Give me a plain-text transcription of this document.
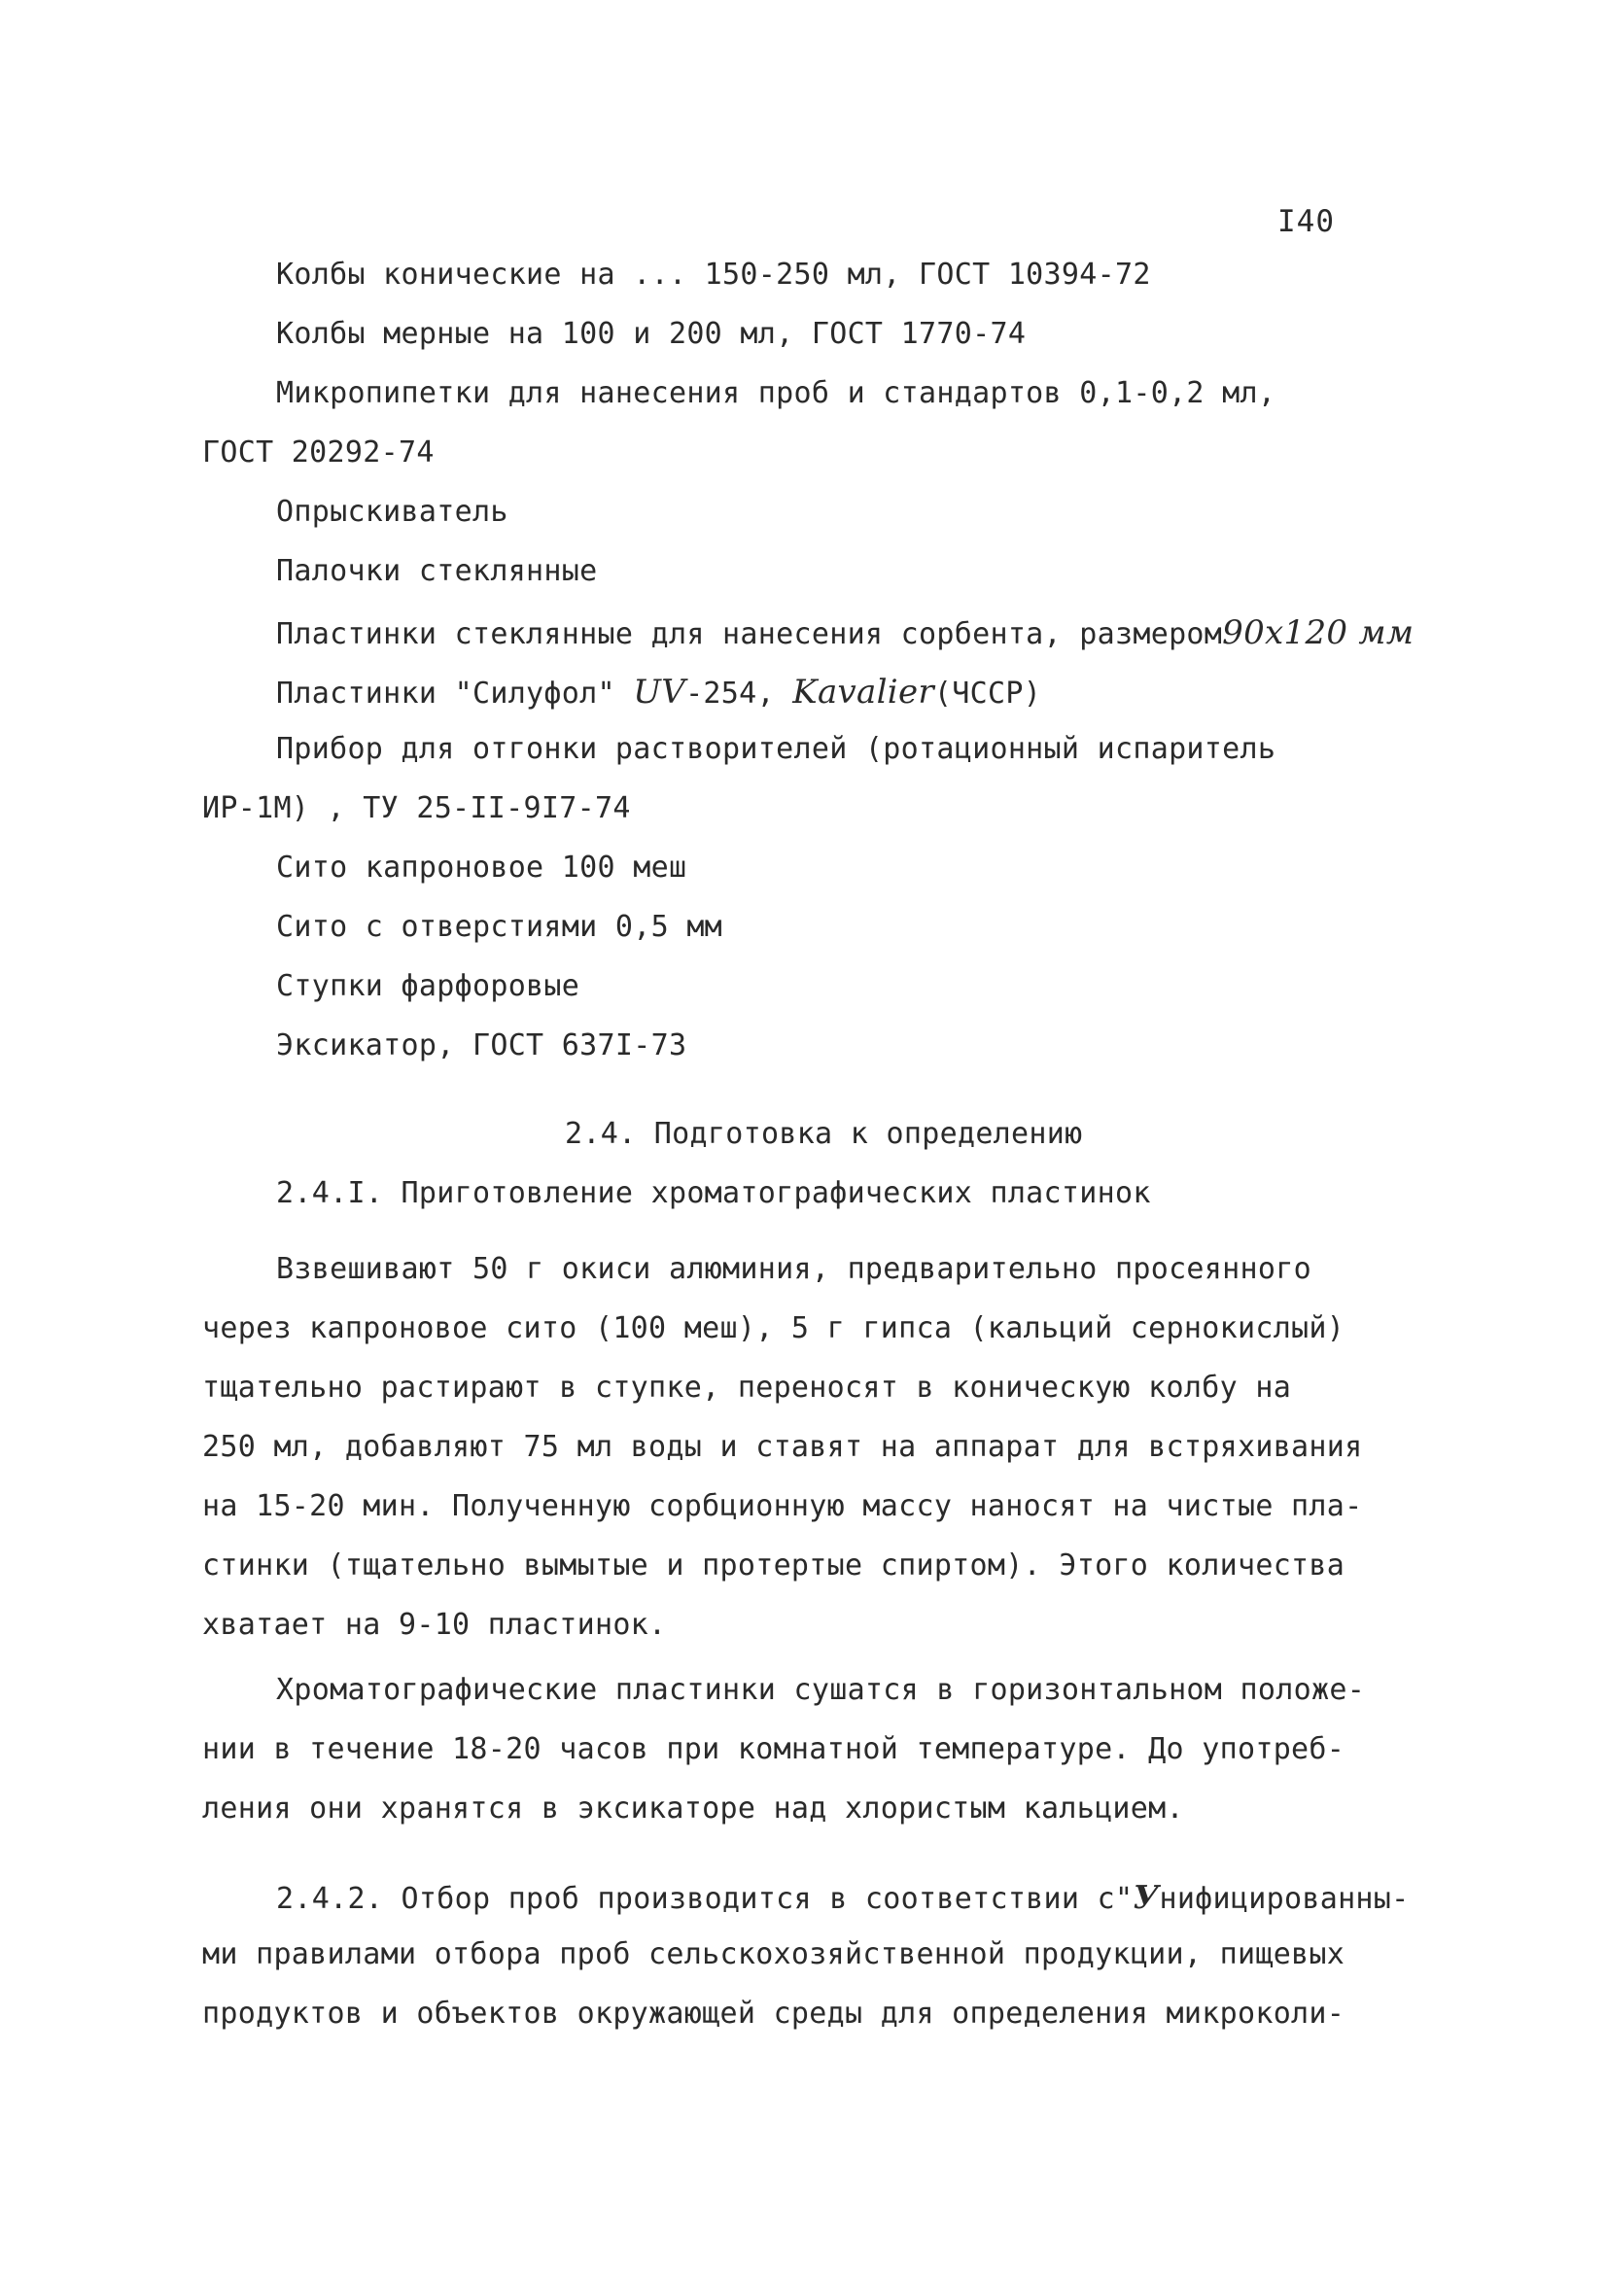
I40
Колбы конические на ... 150-250 мл, ГОСТ 10394-72
Колбы мерные на 100 и 200 мл, ГОСТ 1770-74
Микропипетки для нанесения проб и стандартов 0,1-0,2 мл,
ГОСТ 20292-74
Опрыскиватель
Палочки стеклянные
Пластинки стеклянные для нанесения сорбента, размером90х120 мм
Пластинки "Силуфол" UV-254, Kavalier(ЧССР)
Прибор для отгонки растворителей (ротационный испаритель
ИР-1М) , ТУ 25-II-9I7-74
Сито капроновое 100 меш
Сито с отверстиями 0,5 мм
Ступки фарфоровые
Эксикатор, ГОСТ 637I-73
2.4. Подготовка к определению
2.4.I. Приготовление хроматографических пластинок
Взвешивают 50 г окиси алюминия, предварительно просеянного
через капроновое сито (100 меш), 5 г гипса (кальций сернокислый)
тщательно растирают в ступке, переносят в коническую колбу на
250 мл, добавляют 75 мл воды и ставят на аппарат для встряхивания
на 15-20 мин. Полученную сорбционную массу наносят на чистые пла-
стинки (тщательно вымытые и протертые спиртом). Этого количества
хватает на 9-10 пластинок.
Хроматографические пластинки сушатся в горизонтальном положе-
нии в течение 18-20 часов при комнатной температуре. До употреб-
ления они хранятся в эксикаторе над хлористым кальцием.
2.4.2. Отбор проб производится в соответствии с"Унифицированны-
ми правилами отбора проб сельскохозяйственной продукции, пищевых
продуктов и объектов окружающей среды для определения микроколи-
